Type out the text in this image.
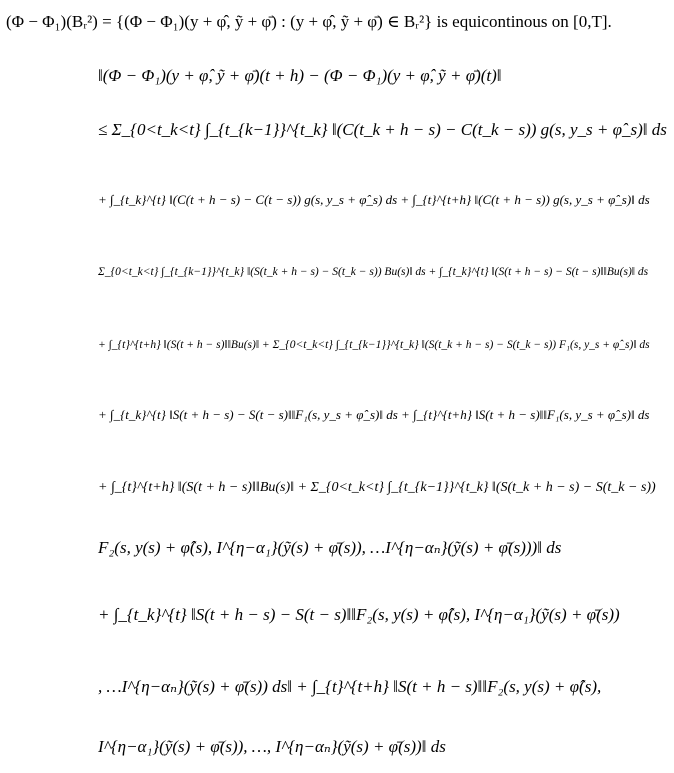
(Φ − Φ₁)(Bᵣ²) = {(Φ − Φ₁)(y + φ̂, ỹ + φ̄) : (y + φ̂, ỹ + φ̄) ∈ Bᵣ²} is equicontinous on [0,T].
‖(Φ − Φ₁)(y + φ̂, ỹ + φ̄)(t + h) − (Φ − Φ₁)(y + φ̂, ỹ + φ̄)(t)‖
≤ Σ_{0<t_k<t} ∫_{t_{k−1}}^{t_k} ‖(C(t_k + h − s) − C(t_k − s)) g(s, y_s + φ̂_s)‖ ds
+ ∫_{t_k}^{t} ‖(C(t + h − s) − C(t − s)) g(s, y_s + φ̂_s) ds + ∫_{t}^{t+h} ‖(C(t + h − s)) g(s, y_s + φ̂_s)‖ ds
Σ_{0<t_k<t} ∫_{t_{k−1}}^{t_k} ‖(S(t_k + h − s) − S(t_k − s)) Bu(s)‖ ds + ∫_{t_k}^{t} ‖(S(t + h − s) − S(t − s)‖‖Bu(s)‖ ds
+ ∫_{t}^{t+h} ‖(S(t + h − s)‖‖Bu(s)‖ + Σ_{0<t_k<t} ∫_{t_{k−1}}^{t_k} ‖(S(t_k + h − s) − S(t_k − s)) F₁(s, y_s + φ̂_s)‖ ds
+ ∫_{t_k}^{t} ‖S(t + h − s) − S(t − s)‖‖F₁(s, y_s + φ̂_s)‖ ds + ∫_{t}^{t+h} ‖S(t + h − s)‖‖F₁(s, y_s + φ̂_s)‖ ds
+ ∫_{t}^{t+h} ‖(S(t + h − s)‖‖Bu(s)‖ + Σ_{0<t_k<t} ∫_{t_{k−1}}^{t_k} ‖(S(t_k + h − s) − S(t_k − s))
F₂(s, y(s) + φ̂(s), I^{η−α₁}(ỹ(s) + φ̄(s)), …I^{η−αₙ}(ỹ(s) + φ̄(s)))‖ ds
+ ∫_{t_k}^{t} ‖S(t + h − s) − S(t − s)‖‖F₂(s, y(s) + φ̂(s), I^{η−α₁}(ỹ(s) + φ̄(s))
, …I^{η−αₙ}(ỹ(s) + φ̄(s)) ds‖ + ∫_{t}^{t+h} ‖S(t + h − s)‖‖F₂(s, y(s) + φ̂(s),
I^{η−α₁}(ỹ(s) + φ̄(s)), …, I^{η−αₙ}(ỹ(s) + φ̄(s))‖ ds
